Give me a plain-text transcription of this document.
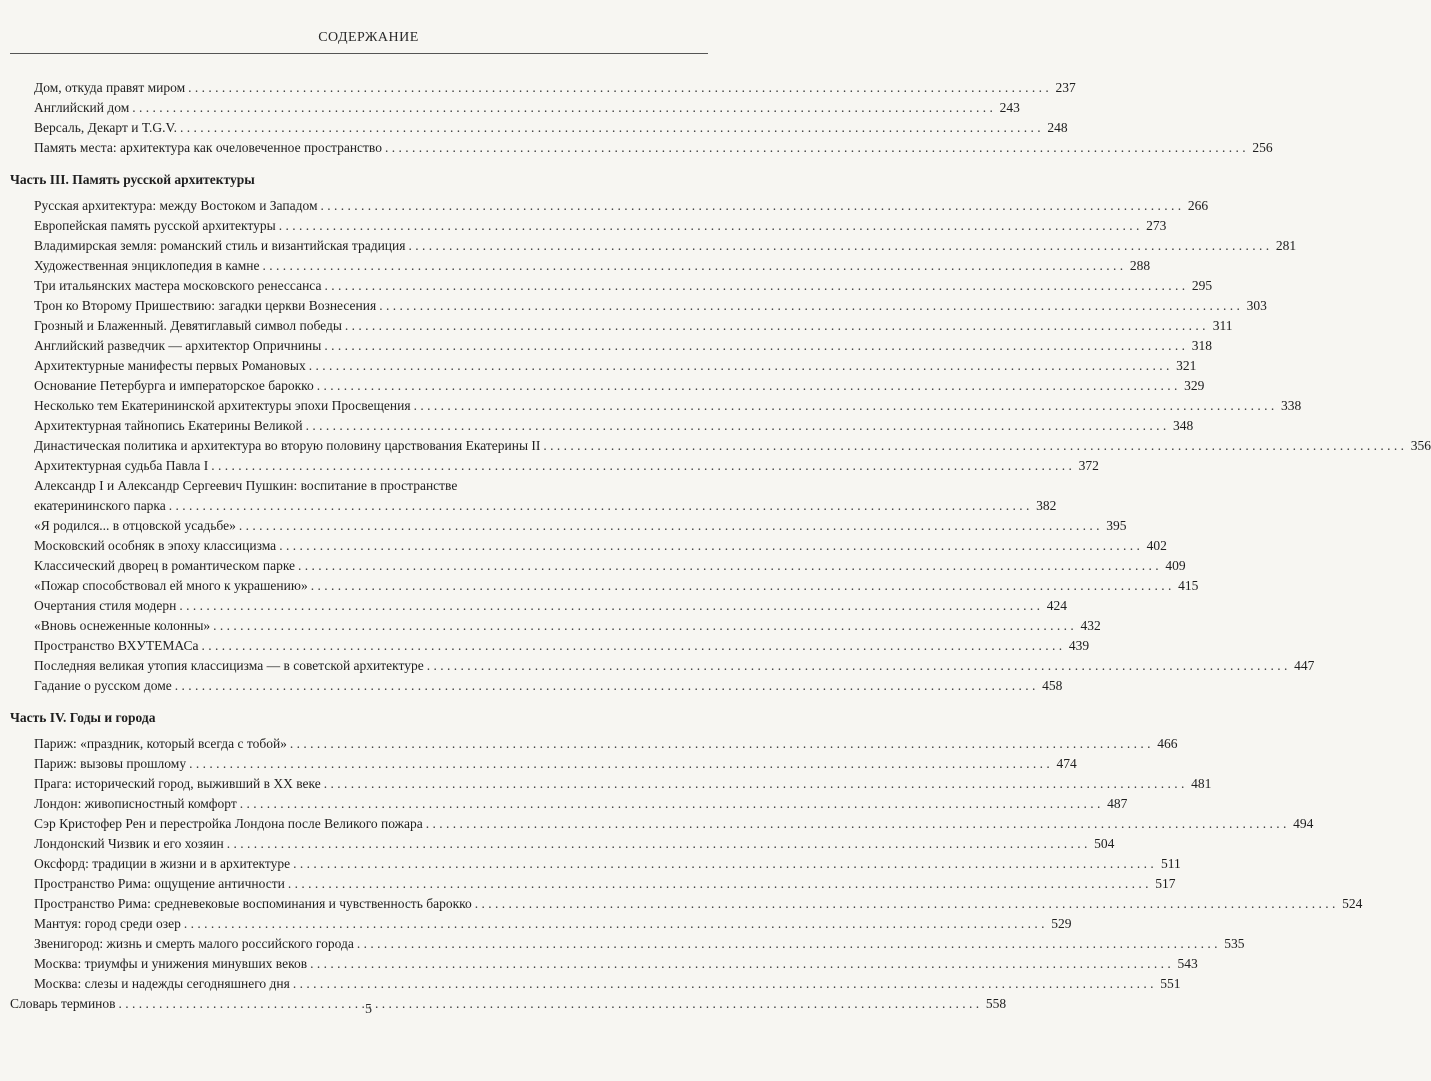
СОДЕРЖАНИЕ
Дом, откуда правят миром . . .	237
Английский дом . . .	243
Версаль, Декарт и T.G.V. . . .	248
Память места: архитектура как очеловеченное пространство . . .	256
Часть III. Память русской архитектуры
Русская архитектура: между Востоком и Западом . . .	266
Европейская память русской архитектуры . . .	273
Владимирская земля: романский стиль и византийская традиция . . .	281
Художественная энциклопедия в камне . . .	288
Три итальянских мастера московского ренессанса . . .	295
Трон ко Второму Пришествию: загадки церкви Вознесения . . .	303
Грозный и Блаженный. Девятиглавый символ победы . . .	311
Английский разведчик — архитектор Опричнины . . .	318
Архитектурные манифесты первых Романовых . . .	321
Основание Петербурга и императорское барокко . . .	329
Несколько тем Екатерининской архитектуры эпохи Просвещения . . .	338
Архитектурная тайнопись Екатерины Великой . . .	348
Династическая политика и архитектура во вторую половину царствования Екатерины II . . .	356
Архитектурная судьба Павла I . . .	372
Александр I и Александр Сергеевич Пушкин: воспитание в пространстве
екатерининского парка . . .	382
«Я родился... в отцовской усадьбе» . . .	395
Московский особняк в эпоху классицизма . . .	402
Классический дворец в романтическом парке . . .	409
«Пожар способствовал ей много к украшению» . . .	415
Очертания стиля модерн . . .	424
«Вновь оснеженные колонны» . . .	432
Пространство ВХУТЕМАСа . . .	439
Последняя великая утопия классицизма — в советской архитектуре . . .	447
Гадание о русском доме . . .	458
Часть IV. Годы и города
Париж: «праздник, который всегда с тобой» . . .	466
Париж: вызовы прошлому . . .	474
Прага: исторический город, выживший в XX веке . . .	481
Лондон: живописностный комфорт . . .	487
Сэр Кристофер Рен и перестройка Лондона после Великого пожара . . .	494
Лондонский Чизвик и его хозяин . . .	504
Оксфорд: традиции в жизни и в архитектуре . . .	511
Пространство Рима: ощущение античности . . .	517
Пространство Рима: средневековые воспоминания и чувственность барокко . . .	524
Мантуя: город среди озер . . .	529
Звенигород: жизнь и смерть малого российского города . . .	535
Москва: триумфы и унижения минувших веков . . .	543
Москва: слезы и надежды сегодняшнего дня . . .	551
Словарь терминов . . .	558
5
